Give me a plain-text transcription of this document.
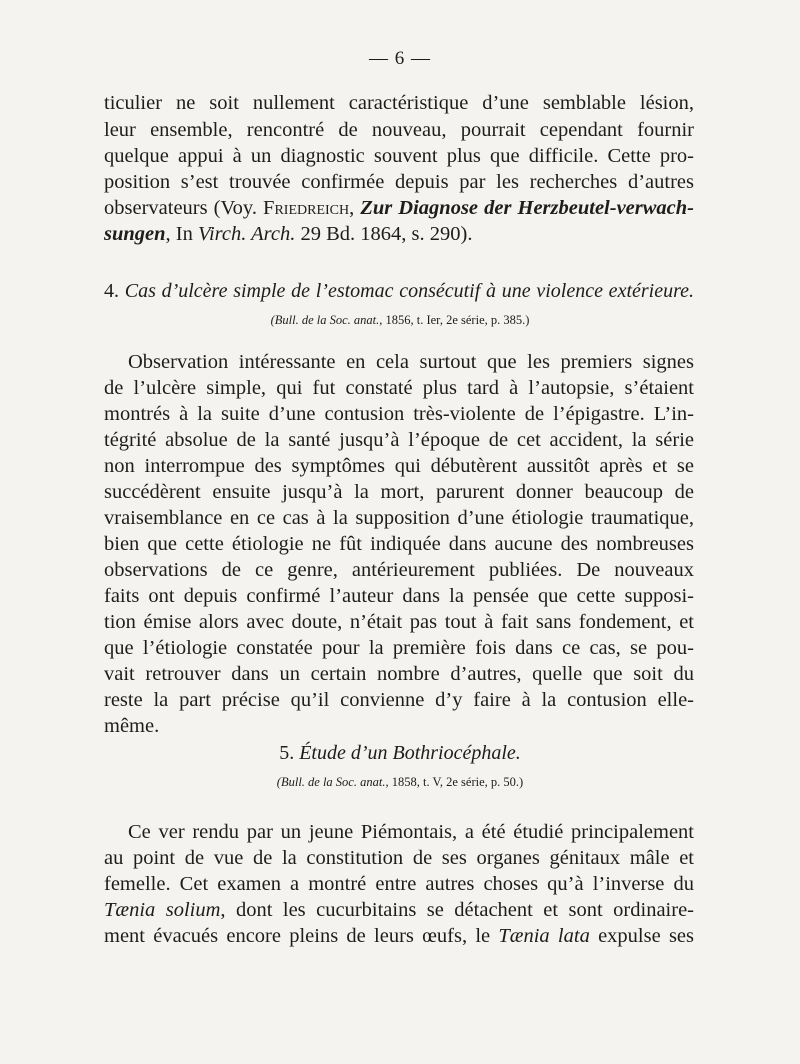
— 6 —
ticulier ne soit nullement caractéristique d’une semblable lésion,
leur ensemble, rencontré de nouveau, pourrait cependant fournir
quelque appui à un diagnostic souvent plus que difficile. Cette pro-
position s’est trouvée confirmée depuis par les recherches d’autres
observateurs (Voy. Friedreich, Zur Diagnose der Herzbeutel-verwach-
sungen, In Virch. Arch. 29 Bd. 1864, s. 290).
4. Cas d’ulcère simple de l’estomac consécutif à une violence extérieure.
(Bull. de la Soc. anat., 1856, t. Ier, 2e série, p. 385.)
Observation intéressante en cela surtout que les premiers signes
de l’ulcère simple, qui fut constaté plus tard à l’autopsie, s’étaient
montrés à la suite d’une contusion très-violente de l’épigastre. L’in-
tégrité absolue de la santé jusqu’à l’époque de cet accident, la série
non interrompue des symptômes qui débutèrent aussitôt après et se
succédèrent ensuite jusqu’à la mort, parurent donner beaucoup de
vraisemblance en ce cas à la supposition d’une étiologie traumatique,
bien que cette étiologie ne fût indiquée dans aucune des nombreuses
observations de ce genre, antérieurement publiées. De nouveaux
faits ont depuis confirmé l’auteur dans la pensée que cette supposi-
tion émise alors avec doute, n’était pas tout à fait sans fondement, et
que l’étiologie constatée pour la première fois dans ce cas, se pou-
vait retrouver dans un certain nombre d’autres, quelle que soit du
reste la part précise qu’il convienne d’y faire à la contusion elle-
même.
5. Étude d’un Bothriocéphale.
(Bull. de la Soc. anat., 1858, t. V, 2e série, p. 50.)
Ce ver rendu par un jeune Piémontais, a été étudié principalement
au point de vue de la constitution de ses organes génitaux mâle et
femelle. Cet examen a montré entre autres choses qu’à l’inverse du
Tænia solium, dont les cucurbitains se détachent et sont ordinaire-
ment évacués encore pleins de leurs œufs, le Tænia lata expulse ses
